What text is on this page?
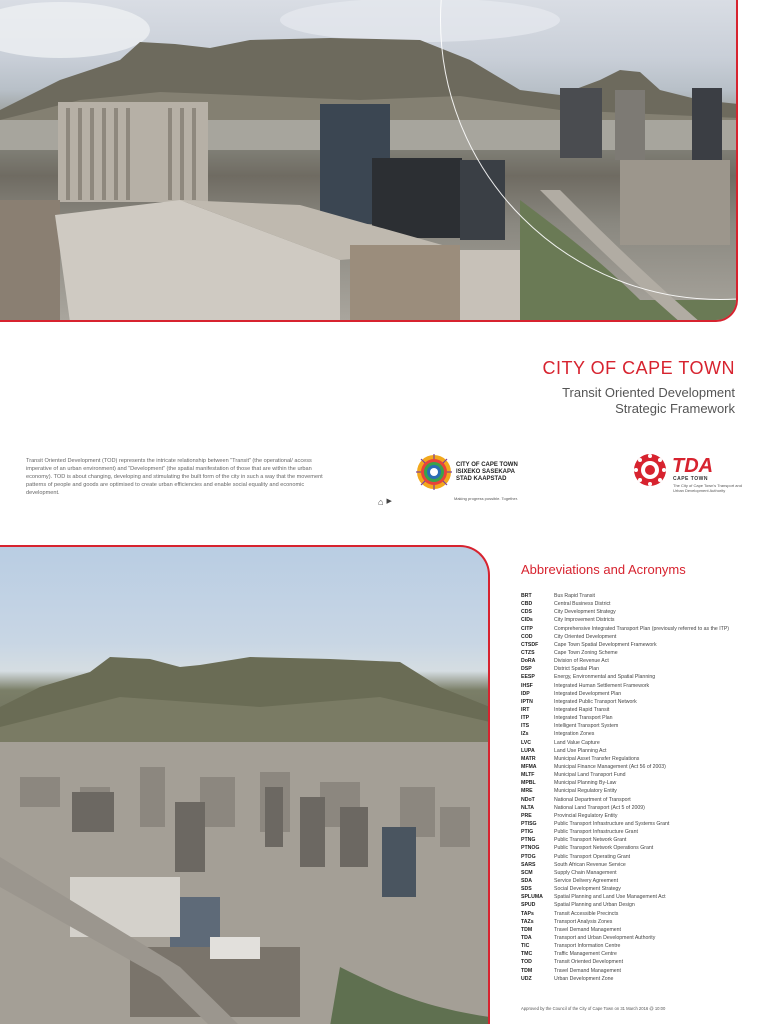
CITY OF CAPE TOWN
Transit Oriented Development
Strategic Framework

Transit Oriented Development (TOD) represents the intricate relationship between “Transit” (the operational/ access imperative of an urban environment) and “Development” (the spatial manifestation of those that are within the urban economy). TOD is about changing, developing and stimulating the built form of the city in such a way that the movement patterns of people and goods are optimised to create urban efficiencies and enable social equality and economic development.

CITY OF CAPE TOWN
ISIXEKO SASEKAPA
STAD KAAPSTAD
Making progress possible. Together.
TDA
CAPE TOWN
The City of Cape Town's Transport and Urban Development Authority
⌂ ▶
Abbreviations and Acronyms
BRT	Bus Rapid Transit
CBD	Central Business District
CDS	City Development Strategy
CIDs	City Improvement Districts
CITP	Comprehensive Integrated Transport Plan (previously referred to as the ITP)
COD	City Oriented Development
CTSDF	Cape Town Spatial Development Framework
CTZS	Cape Town Zoning Scheme
DoRA	Division of Revenue Act
DSP	District Spatial Plan
EESP	Energy, Environmental and Spatial Planning
IHSF	Integrated Human Settlement Framework
IDP	Integrated Development Plan
IPTN	Integrated Public Transport Network
IRT	Integrated Rapid Transit
ITP	Integrated Transport Plan
ITS	Intelligent Transport System
IZs	Integration Zones
LVC	Land Value Capture
LUPA	Land Use Planning Act
MATR	Municipal Asset Transfer Regulations
MFMA	Municipal Finance Management (Act 56 of 2003)
MLTF	Municipal Land Transport Fund
MPBL	Municipal Planning By-Law
MRE	Municipal Regulatory Entity
NDoT	National Department of Transport
NLTA	National Land Transport (Act 5 of 2009)
PRE	Provincial Regulatory Entity
PTISG	Public Transport Infrastructure and Systems Grant
PTIG	Public Transport Infrastructure Grant
PTNG	Public Transport Network Grant
PTNOG	Public Transport Network Operations Grant
PTOG	Public Transport Operating Grant
SARS	South African Revenue Service
SCM	Supply Chain Management
SDA	Service Delivery Agreement
SDS	Social Development Strategy
SPLUMA	Spatial Planning and Land Use Management Act
SPUD	Spatial Planning and Urban Design
TAPs	Transit Accessible Precincts
TAZs	Transport Analysis Zones
TDM	Travel Demand Management
TDA	Transport and Urban Development Authority
TIC	Transport Information Centre
TMC	Traffic Management Centre
TOD	Transit Oriented Development
TDM	Travel Demand Management
UDZ	Urban Development Zone
Approved by the Council of the City of Cape Town on 31 March 2016 @ 10:00
